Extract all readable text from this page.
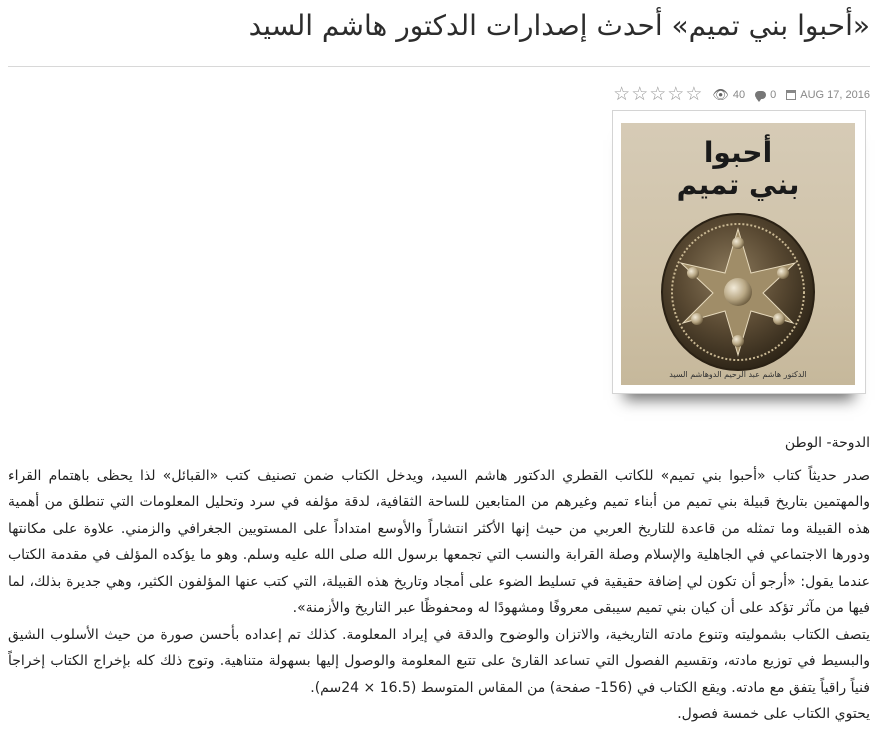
«أحبوا بني تميم» أحدث إصدارات الدكتور هاشم السيد
AUG 17, 2016
0
👁︎ 40
☆ ☆ ☆ ☆ ☆
أحبوا
بني تميم
الدكتور هاشم عبد الرحيم الدوهاشم السيد

الدوحة- الوطن

صدر حديثاً كتاب «أحبوا بني تميم» للكاتب القطري الدكتور هاشم السيد، ويدخل الكتاب ضمن تصنيف كتب «القبائل» لذا يحظى باهتمام القراء والمهتمين بتاريخ قبيلة بني تميم من أبناء تميم وغيرهم من المتابعين للساحة الثقافية، لدقة مؤلفه في سرد وتحليل المعلومات التي تنطلق من أهمية هذه القبيلة وما تمثله من قاعدة للتاريخ العربي من حيث إنها الأكثر انتشاراً والأوسع امتداداً على المستويين الجغرافي والزمني. علاوة على مكانتها ودورها الاجتماعي في الجاهلية والإسلام وصلة القرابة والنسب التي تجمعها برسول الله صلى الله عليه وسلم. وهو ما يؤكده المؤلف في مقدمة الكتاب عندما يقول: «أرجو أن تكون لي إضافة حقيقية في تسليط الضوء على أمجاد وتاريخ هذه القبيلة، التي كتب عنها المؤلفون الكثير، وهي جديرة بذلك، لما فيها من مآثر تؤكد على أن كيان بني تميم سيبقى معروفًا ومشهودًا له ومحفوظًا عبر التاريخ والأزمنة».

يتصف الكتاب بشموليته وتنوع مادته التاريخية، والاتزان والوضوح والدقة في إيراد المعلومة. كذلك تم إعداده بأحسن صورة من حيث الأسلوب الشيق والبسيط في توزيع مادته، وتقسيم الفصول التي تساعد القارئ على تتبع المعلومة والوصول إليها بسهولة متناهية. وتوج ذلك كله بإخراج الكتاب إخراجاً فنياً راقياً يتفق مع مادته. ويقع الكتاب في (156- صفحة) من المقاس المتوسط (16.5 × 24سم).

يحتوي الكتاب على خمسة فصول.
